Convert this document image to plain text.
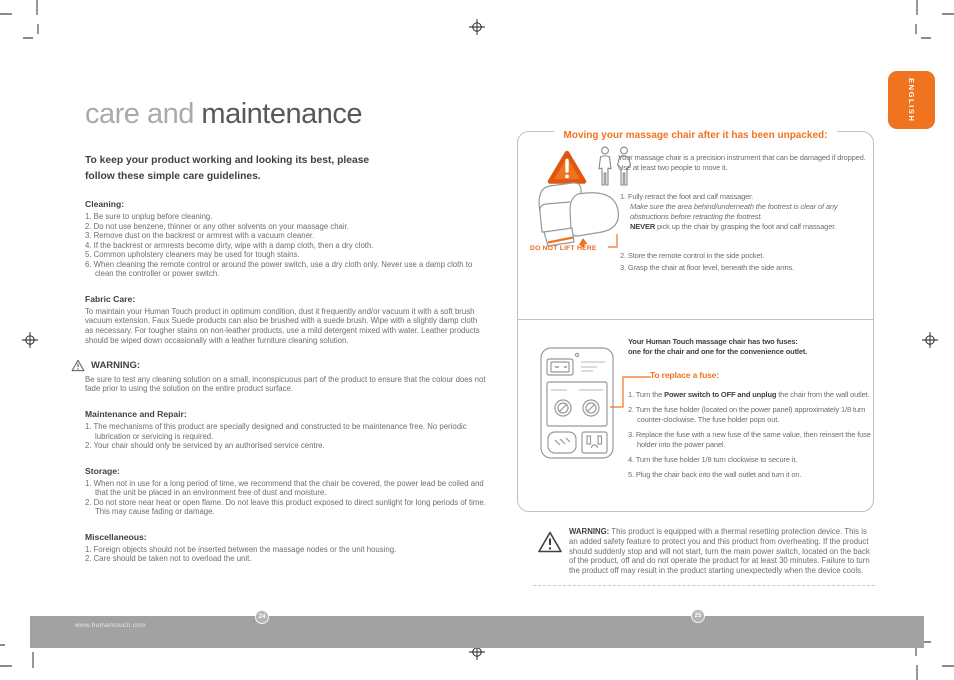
ENGLISH
care and maintenance

To keep your product working and looking its best, please follow these simple care guidelines.

Cleaning:
1. Be sure to unplug before cleaning.
2. Do not use benzene, thinner or any other solvents on your massage chair.
3. Remove dust on the backrest or armrest with a vacuum cleaner.
4. If the backrest or armrests become dirty, wipe with a damp cloth, then a dry cloth.
5. Common upholstery cleaners may be used for tough stains.
6. When cleaning the remote control or around the power switch, use a dry cloth only. Never use a damp cloth to clean the controller or power switch.
Fabric Care:

To maintain your Human Touch product in optimum condition, dust it frequently and/or vacuum it with a soft brush vacuum extension. Faux Suede products can also be brushed with a suede brush. Wipe with a slightly damp cloth as necessary. For tougher stains on non-leather products, use a mild detergent mixed with water. Leather products should be wiped down occasionally with a leather furniture cleaning solution.

WARNING:

Be sure to test any cleaning solution on a small, inconspicuous part of the product to ensure that the colour does not fade prior to using the solution on the entire product surface.

Maintenance and Repair:
1. The mechanisms of this product are specially designed and constructed to be maintenance free. No periodic lubrication or servicing is required.
2. Your chair should only be serviced by an authorised service centre.
Storage:
1. When not in use for a long period of time, we recommend that the chair be covered, the power lead be coiled and that the unit be placed in an environment free of dust and moisture.
2. Do not store near heat or open flame. Do not leave this product exposed to direct sunlight for long periods of time. This may cause fading or damage.
Miscellaneous:
1. Foreign objects should not be inserted between the massage nodes or the unit housing.
2. Care should be taken not to overload the unit.
Moving your massage chair after it has been unpacked:
Your massage chair is a precision instrument that can be damaged if dropped.
Use at least two people to move it.
DO NOT LIFT HERE
1. Fully retract the foot and calf massager.
Make sure the area behind/underneath the footrest is clear of any obstructions before retracting the footrest.
NEVER pick up the chair by grasping the foot and calf massager.
2. Store the remote control in the side pocket.
3. Grasp the chair at floor level, beneath the side arms.
Your Human Touch massage chair has two fuses:
one for the chair and one for the convenience outlet.
To replace a fuse:
1. Turn the Power switch to OFF and unplug the chair from the wall outlet.
2. Turn the fuse holder (located on the power panel) approximately 1/8 turn counter-clockwise. The fuse holder pops out.
3. Replace the fuse with a new fuse of the same value, then reinsert the fuse holder into the power panel.
4. Turn the fuse holder 1/8 turn clockwise to secure it.
5. Plug the chair back into the wall outlet and turn it on.

WARNING: This product is equipped with a thermal resetting protection device. This is an added safety feature to protect you and this product from overheating. If the product should suddenly stop and will not start, turn the main power switch, located on the back of the product, off and do not operate the product for at least 30 minutes. Failure to turn the product off may result in the product starting unexpectedly when the device cools.

www.humantouch.com
24	25
